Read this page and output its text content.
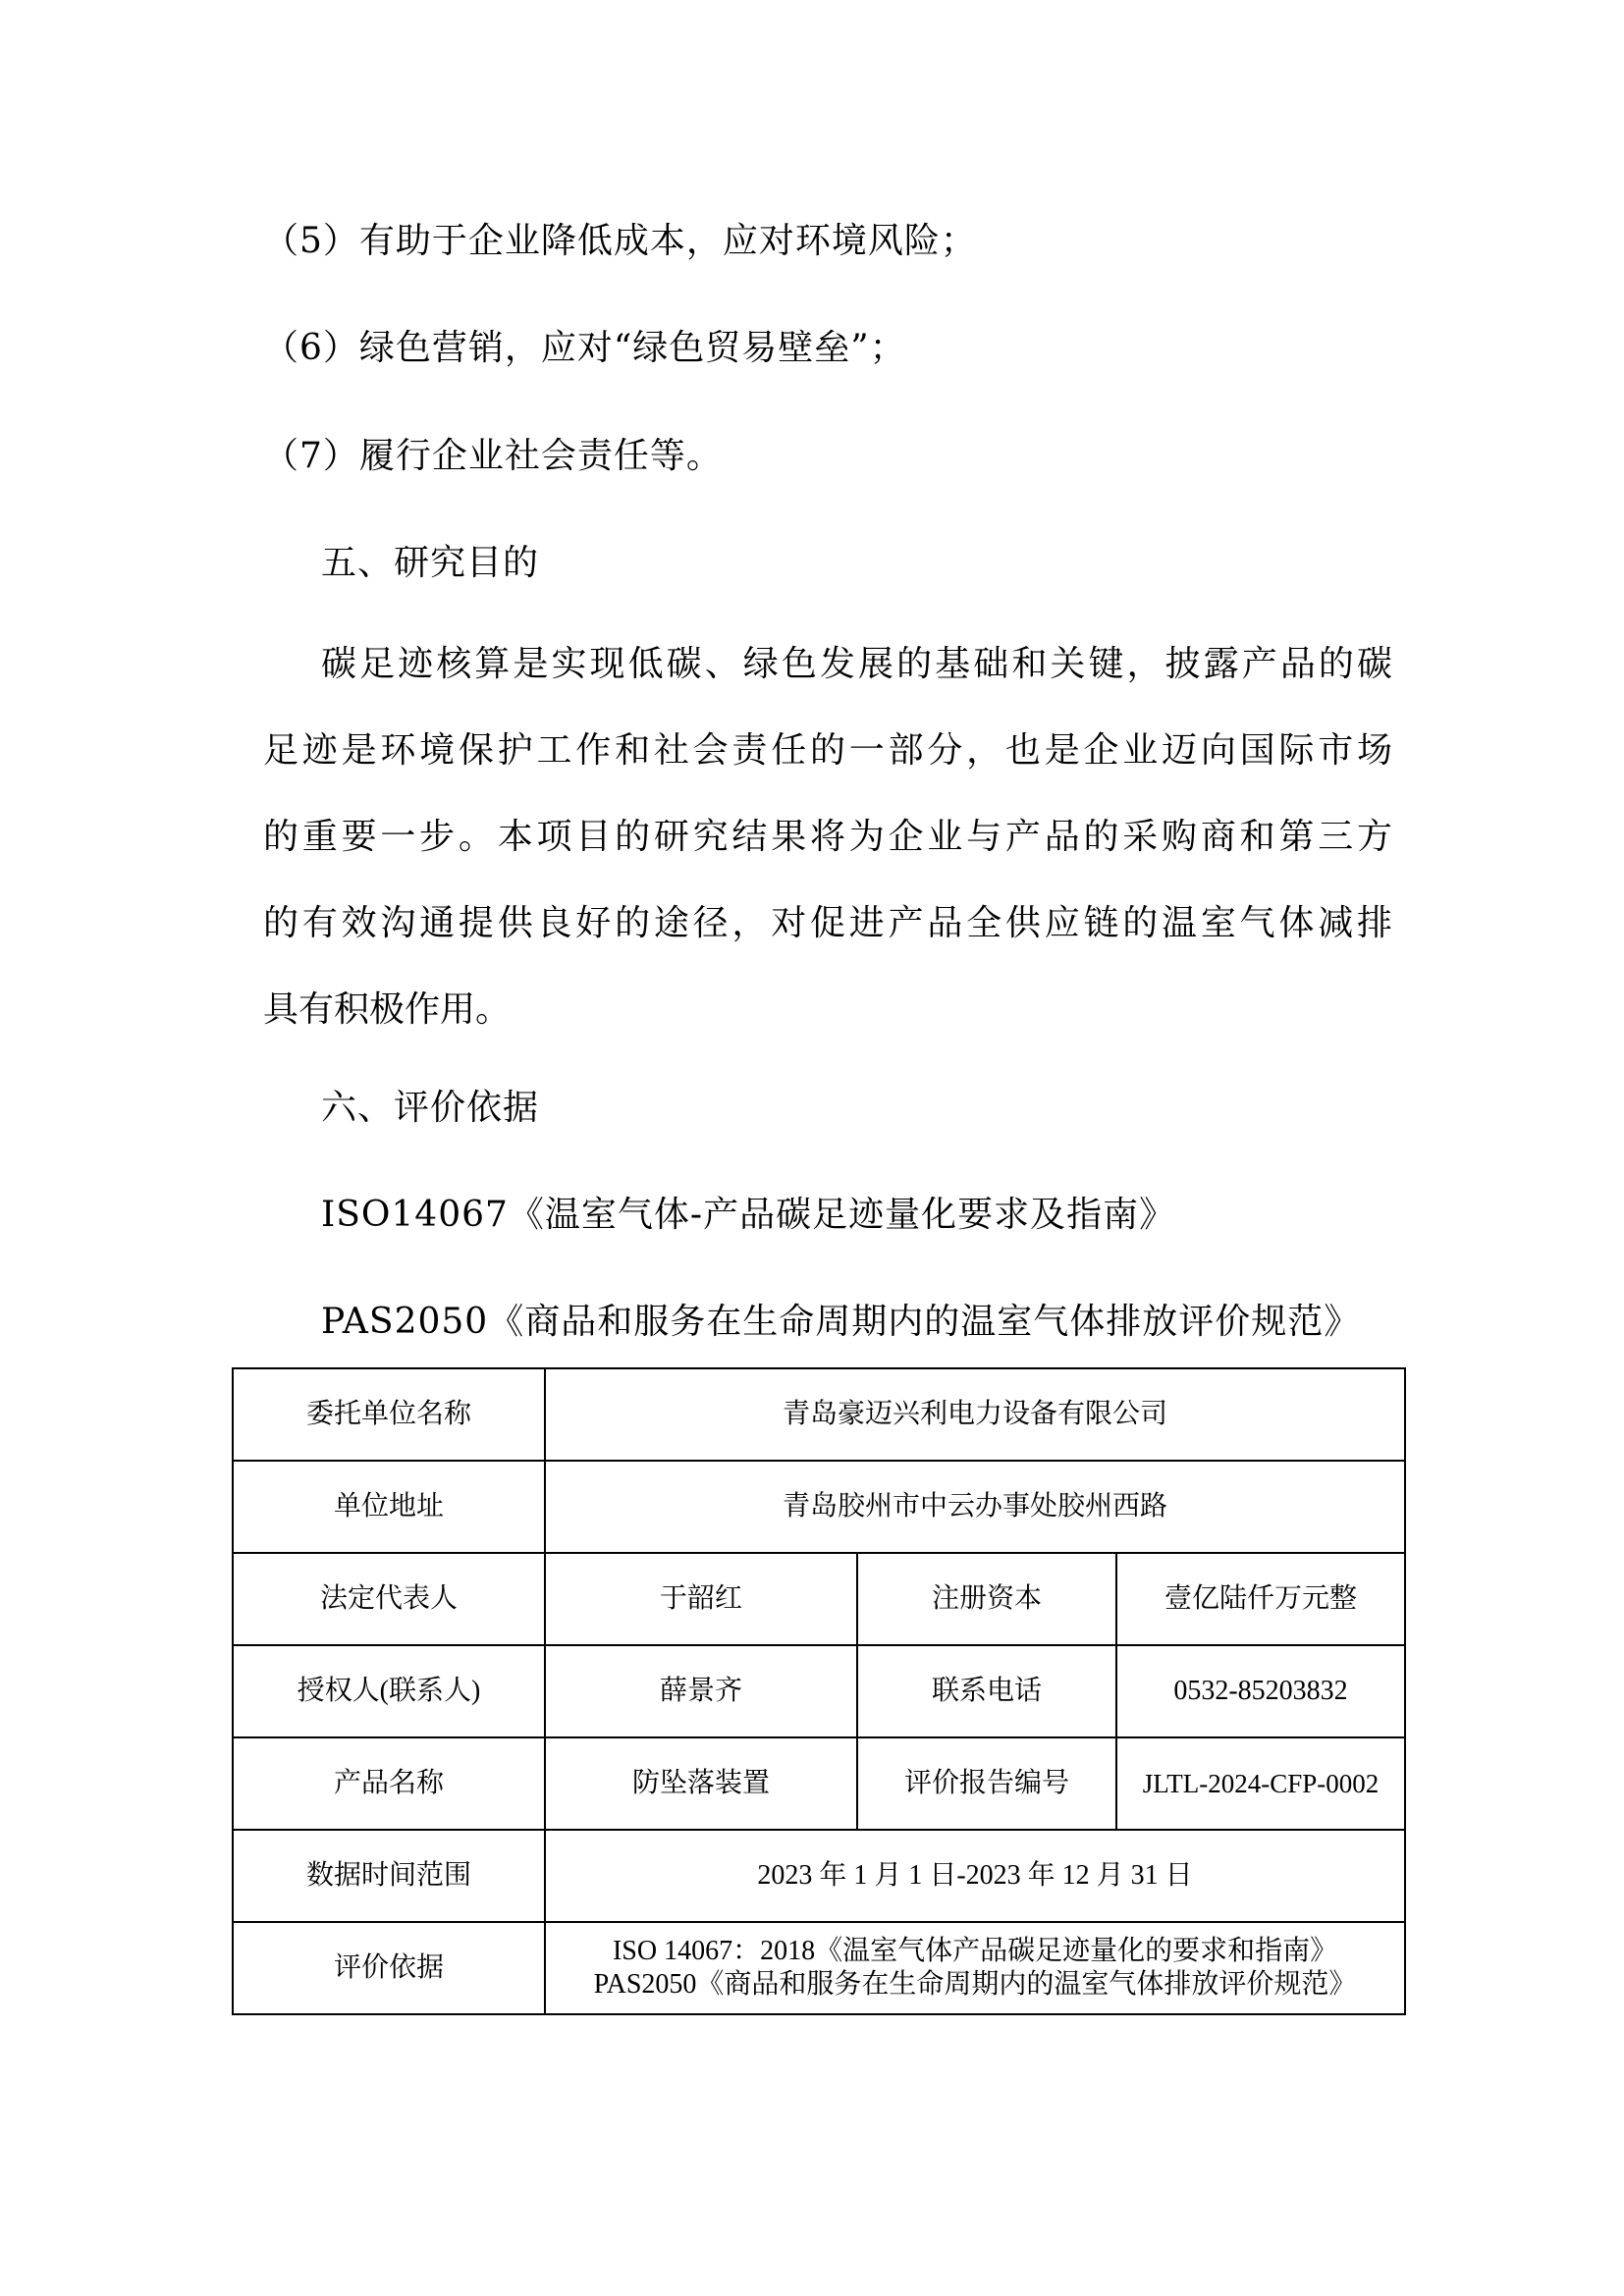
（5）有助于企业降低成本，应对环境风险；
（6）绿色营销，应对“绿色贸易壁垒”；
（7）履行企业社会责任等。
五、研究目的
碳足迹核算是实现低碳、绿色发展的基础和关键，披露产品的碳
足迹是环境保护工作和社会责任的一部分，也是企业迈向国际市场
的重要一步。本项目的研究结果将为企业与产品的采购商和第三方
的有效沟通提供良好的途径，对促进产品全供应链的温室气体减排
具有积极作用。
六、评价依据
ISO14067《温室气体-产品碳足迹量化要求及指南》
PAS2050《商品和服务在生命周期内的温室气体排放评价规范》
委托单位名称	青岛豪迈兴利电力设备有限公司		
单位地址	青岛胶州市中云办事处胶州西路		
法定代表人	于韶红	注册资本	壹亿陆仟万元整
授权人(联系人)	薛景齐	联系电话	0532-85203832
产品名称	防坠落装置	评价报告编号	JLTL-2024-CFP-0002
数据时间范围	2023 年 1 月 1 日-2023 年 12 月 31 日		
评价依据	ISO 14067：2018《温室气体产品碳足迹量化的要求和指南》
PAS2050《商品和服务在生命周期内的温室气体排放评价规范》		
